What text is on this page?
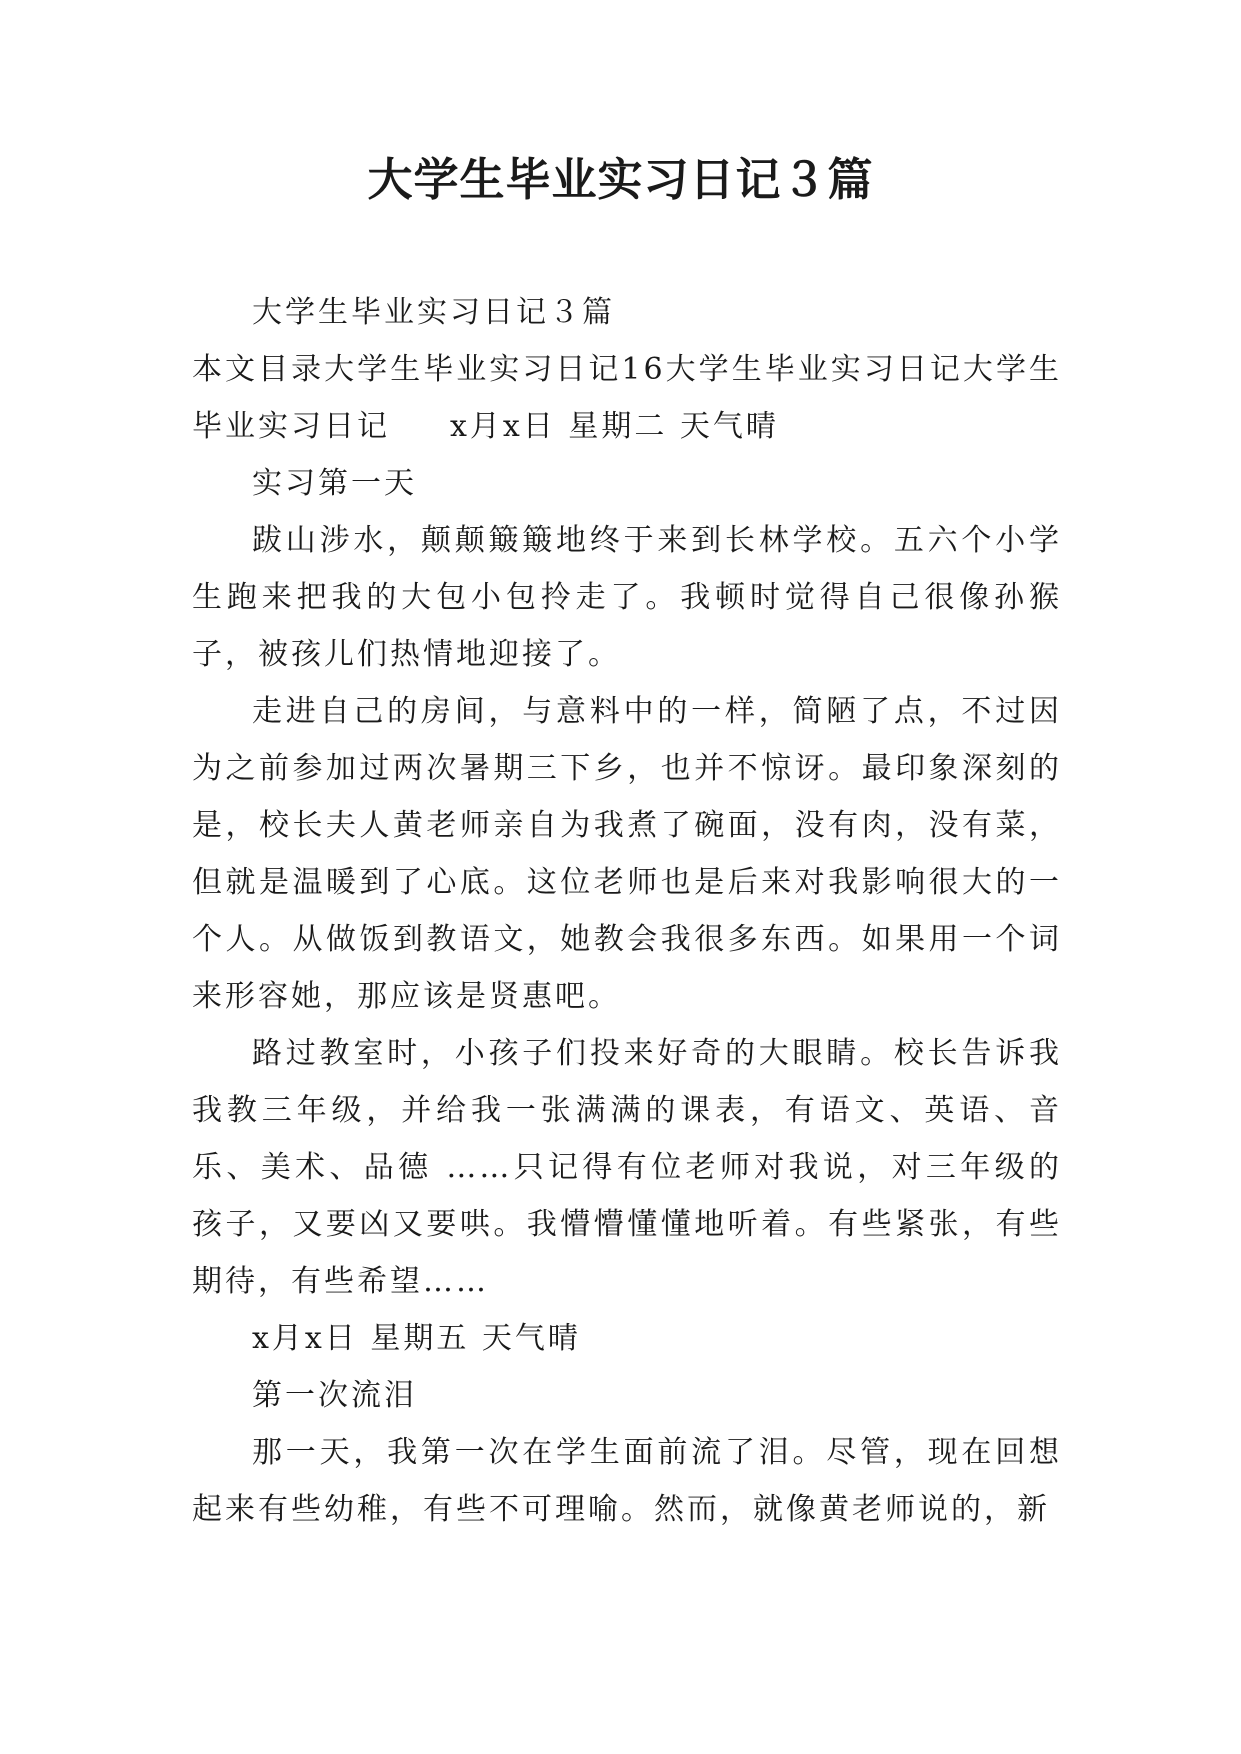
大学生毕业实习日记３篇

大学生毕业实习日记３篇

本文目录大学生毕业实习日记16大学生毕业实习日记大学生毕业实习日记 x月x日 星期二 天气晴

实习第一天

跋山涉水，颠颠簸簸地终于来到长林学校。五六个小学生跑来把我的大包小包拎走了。我顿时觉得自己很像孙猴子，被孩儿们热情地迎接了。

走进自己的房间，与意料中的一样，简陋了点，不过因为之前参加过两次暑期三下乡，也并不惊讶。最印象深刻的是，校长夫人黄老师亲自为我煮了碗面，没有肉，没有菜，但就是温暖到了心底。这位老师也是后来对我影响很大的一个人。从做饭到教语文，她教会我很多东西。如果用一个词来形容她，那应该是贤惠吧。

路过教室时，小孩子们投来好奇的大眼睛。校长告诉我我教三年级，并给我一张满满的课表，有语文、英语、音乐、美术、品德 ……只记得有位老师对我说，对三年级的孩子，又要凶又要哄。我懵懵懂懂地听着。有些紧张，有些期待，有些希望……

x月x日 星期五 天气晴

第一次流泪

那一天，我第一次在学生面前流了泪。尽管，现在回想起来有些幼稚，有些不可理喻。然而，就像黄老师说的，新
